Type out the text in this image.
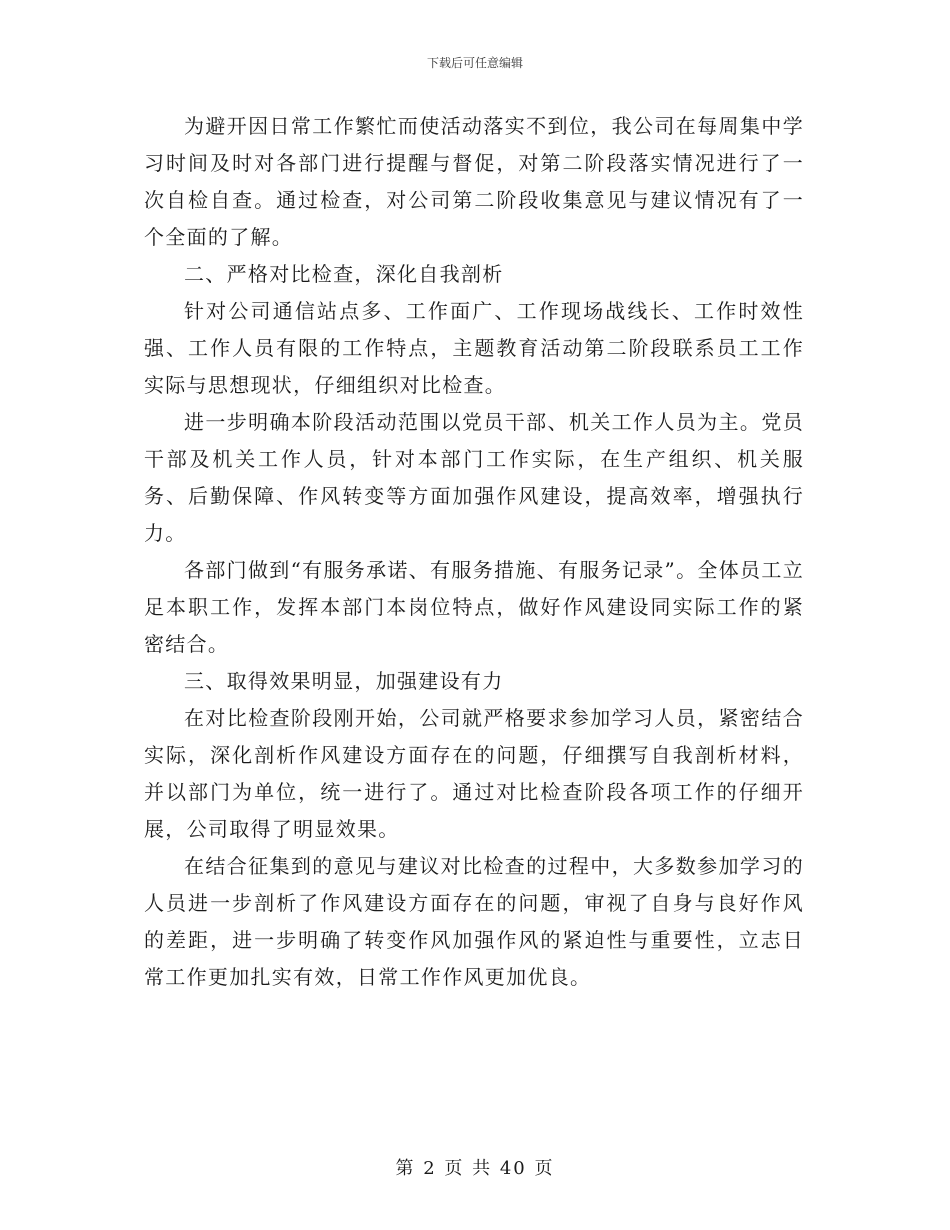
下载后可任意编辑

为避开因日常工作繁忙而使活动落实不到位，我公司在每周集中学习时间及时对各部门进行提醒与督促，对第二阶段落实情况进行了一次自检自查。通过检查，对公司第二阶段收集意见与建议情况有了一个全面的了解。

二、严格对比检查，深化自我剖析

针对公司通信站点多、工作面广、工作现场战线长、工作时效性强、工作人员有限的工作特点，主题教育活动第二阶段联系员工工作实际与思想现状，仔细组织对比检查。

进一步明确本阶段活动范围以党员干部、机关工作人员为主。党员干部及机关工作人员，针对本部门工作实际，在生产组织、机关服务、后勤保障、作风转变等方面加强作风建设，提高效率，增强执行力。

各部门做到“有服务承诺、有服务措施、有服务记录”。全体员工立足本职工作，发挥本部门本岗位特点，做好作风建设同实际工作的紧密结合。

三、取得效果明显，加强建设有力

在对比检查阶段刚开始，公司就严格要求参加学习人员，紧密结合实际，深化剖析作风建设方面存在的问题，仔细撰写自我剖析材料，并以部门为单位，统一进行了。通过对比检查阶段各项工作的仔细开展，公司取得了明显效果。

在结合征集到的意见与建议对比检查的过程中，大多数参加学习的人员进一步剖析了作风建设方面存在的问题，审视了自身与良好作风的差距，进一步明确了转变作风加强作风的紧迫性与重要性，立志日常工作更加扎实有效，日常工作作风更加优良。

第 2 页 共 40 页
